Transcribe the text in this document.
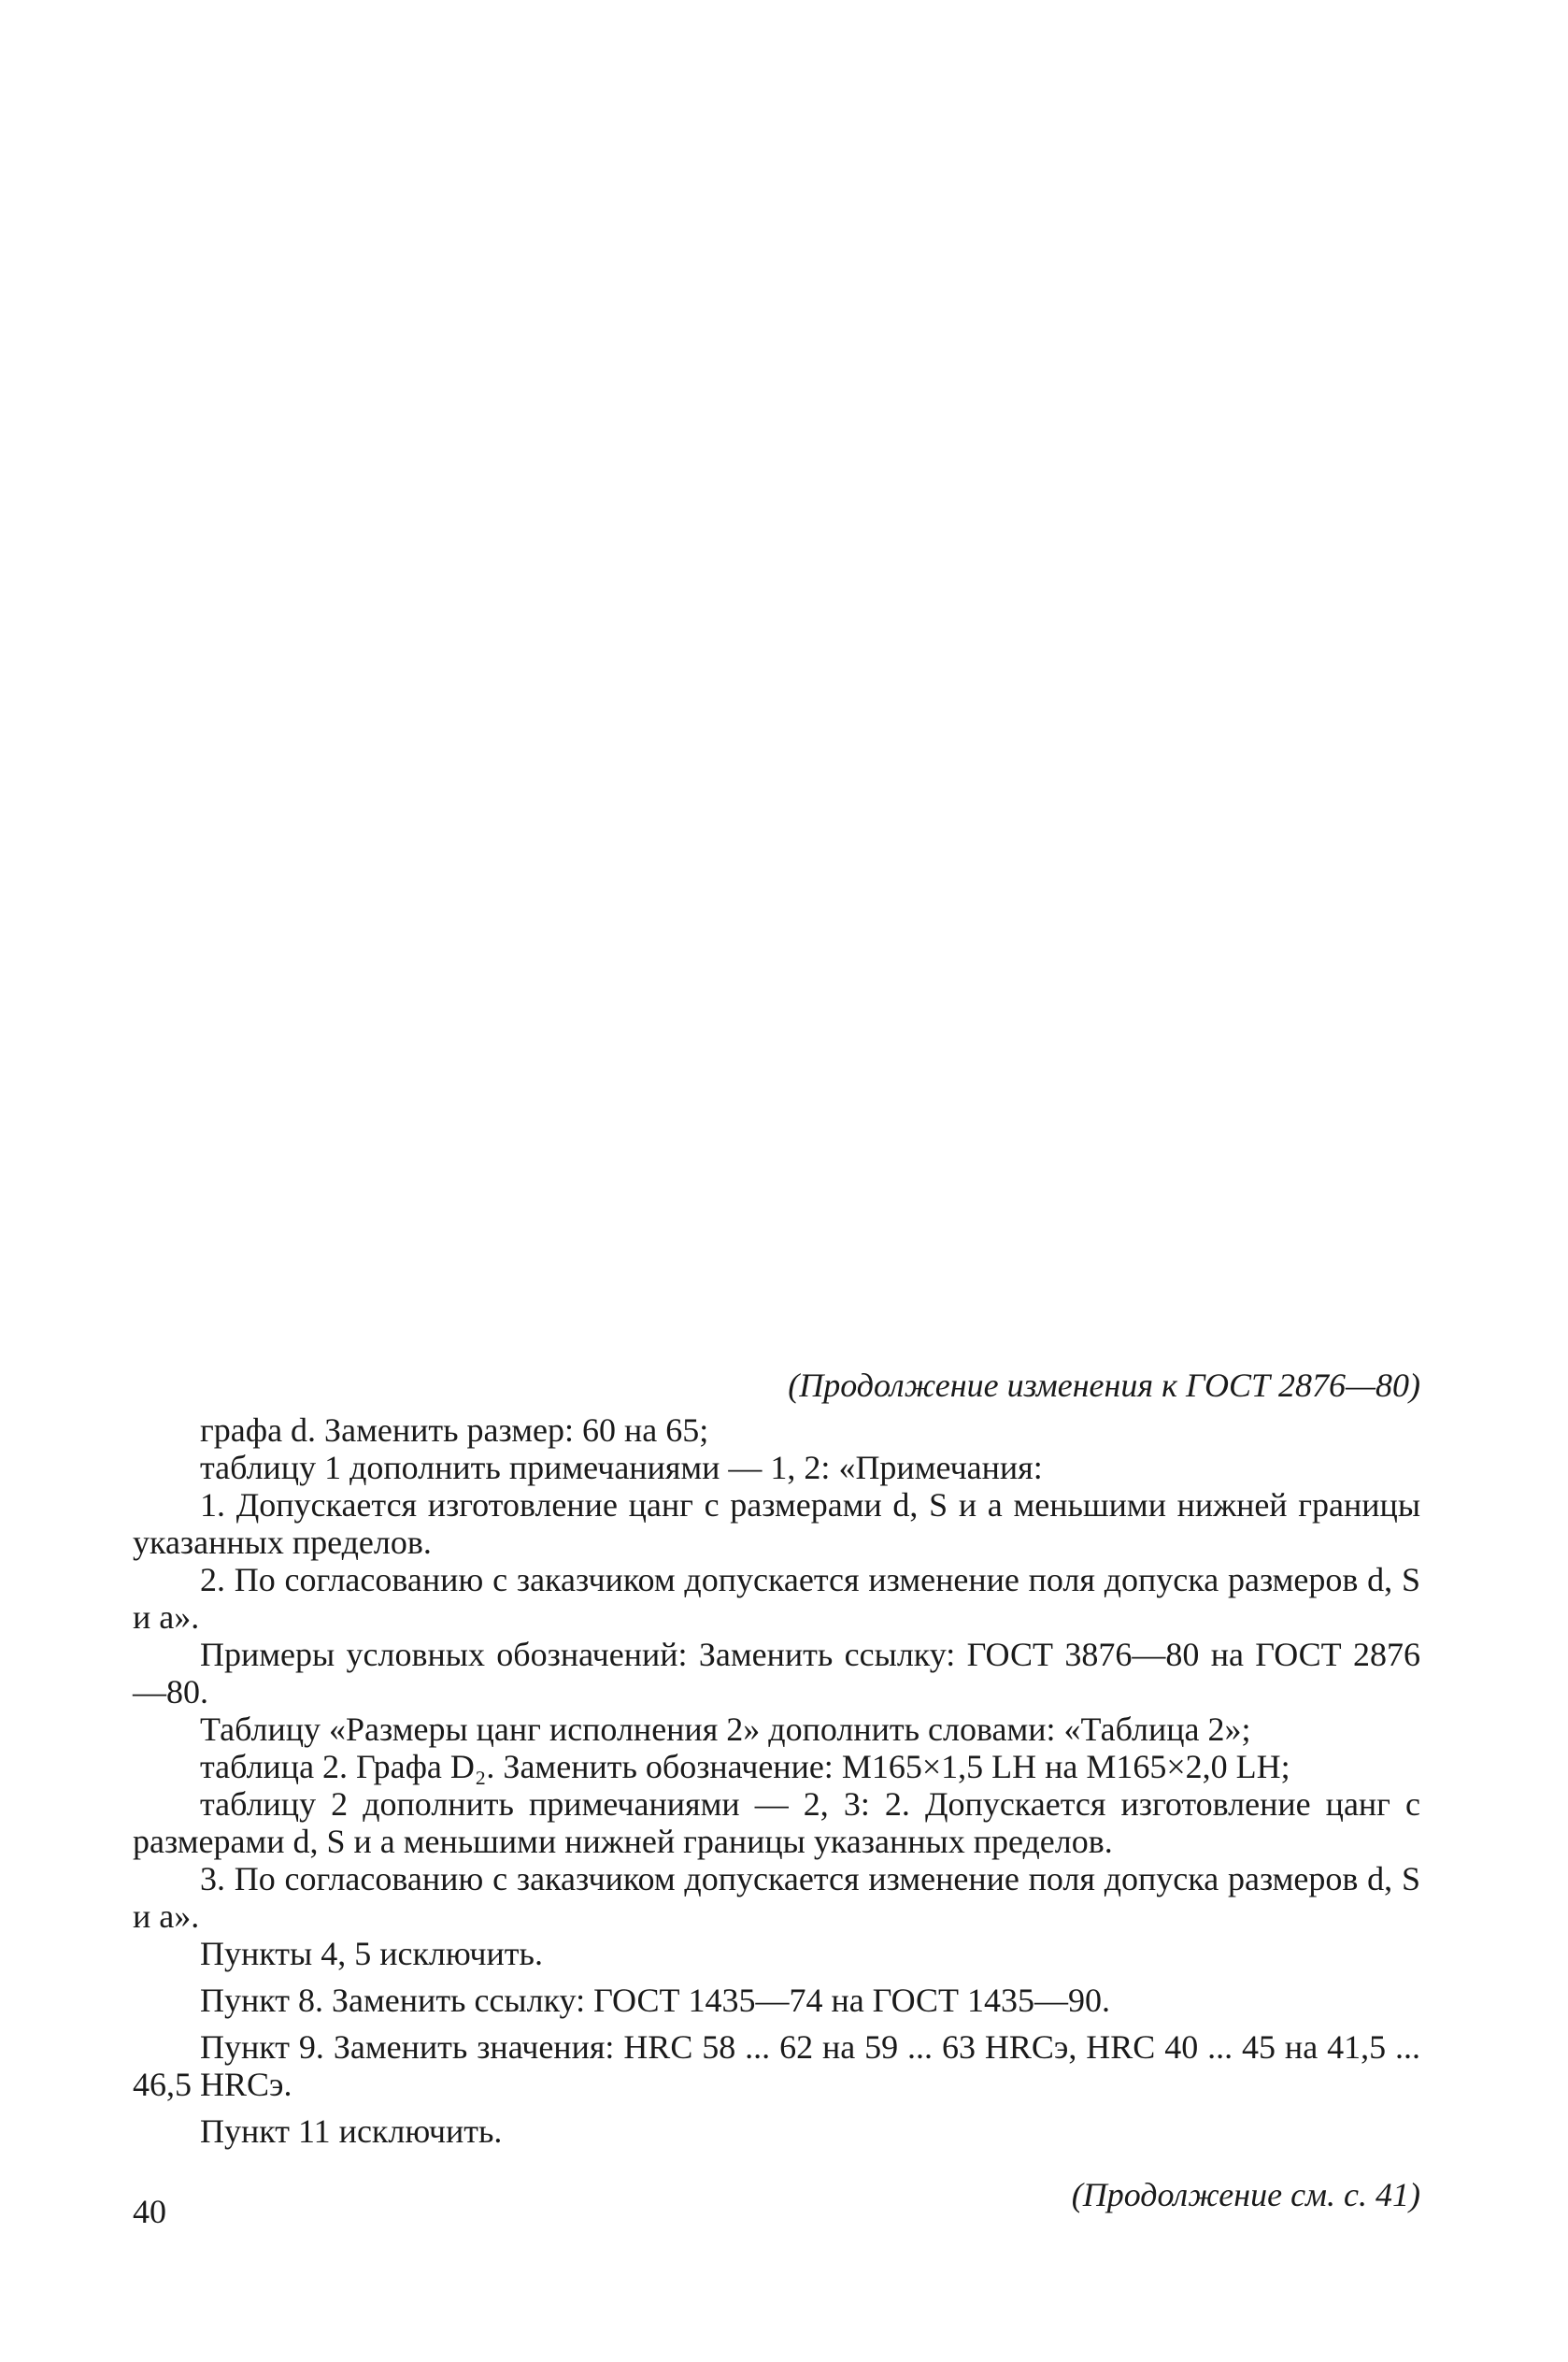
(Продолжение изменения к ГОСТ 2876—80)

графа d. Заменить размер: 60 на 65;

таблицу 1 дополнить примечаниями — 1, 2: «Примечания:

1. Допускается изготовление цанг с размерами d, S и a меньшими нижней границы указанных пределов.

2. По согласованию с заказчиком допускается изменение поля допуска размеров d, S и a».

Примеры условных обозначений: Заменить ссылку: ГОСТ 3876—80 на ГОСТ 2876—80.

Таблицу «Размеры цанг исполнения 2» дополнить словами: «Таблица 2»;

таблица 2. Графа D₂. Заменить обозначение: M165×1,5 LH на M165×2,0 LH;

таблицу 2 дополнить примечаниями — 2, 3: 2. Допускается изготовление цанг с размерами d, S и a меньшими нижней границы указанных пределов.

3. По согласованию с заказчиком допускается изменение поля допуска размеров d, S и a».

Пункты 4, 5 исключить.

Пункт 8. Заменить ссылку: ГОСТ 1435—74 на ГОСТ 1435—90.

Пункт 9. Заменить значения: HRC 58 ... 62 на 59 ... 63 HRCэ, HRC 40 ... 45 на 41,5 ... 46,5 HRCэ.

Пункт 11 исключить.

(Продолжение см. с. 41)
40
